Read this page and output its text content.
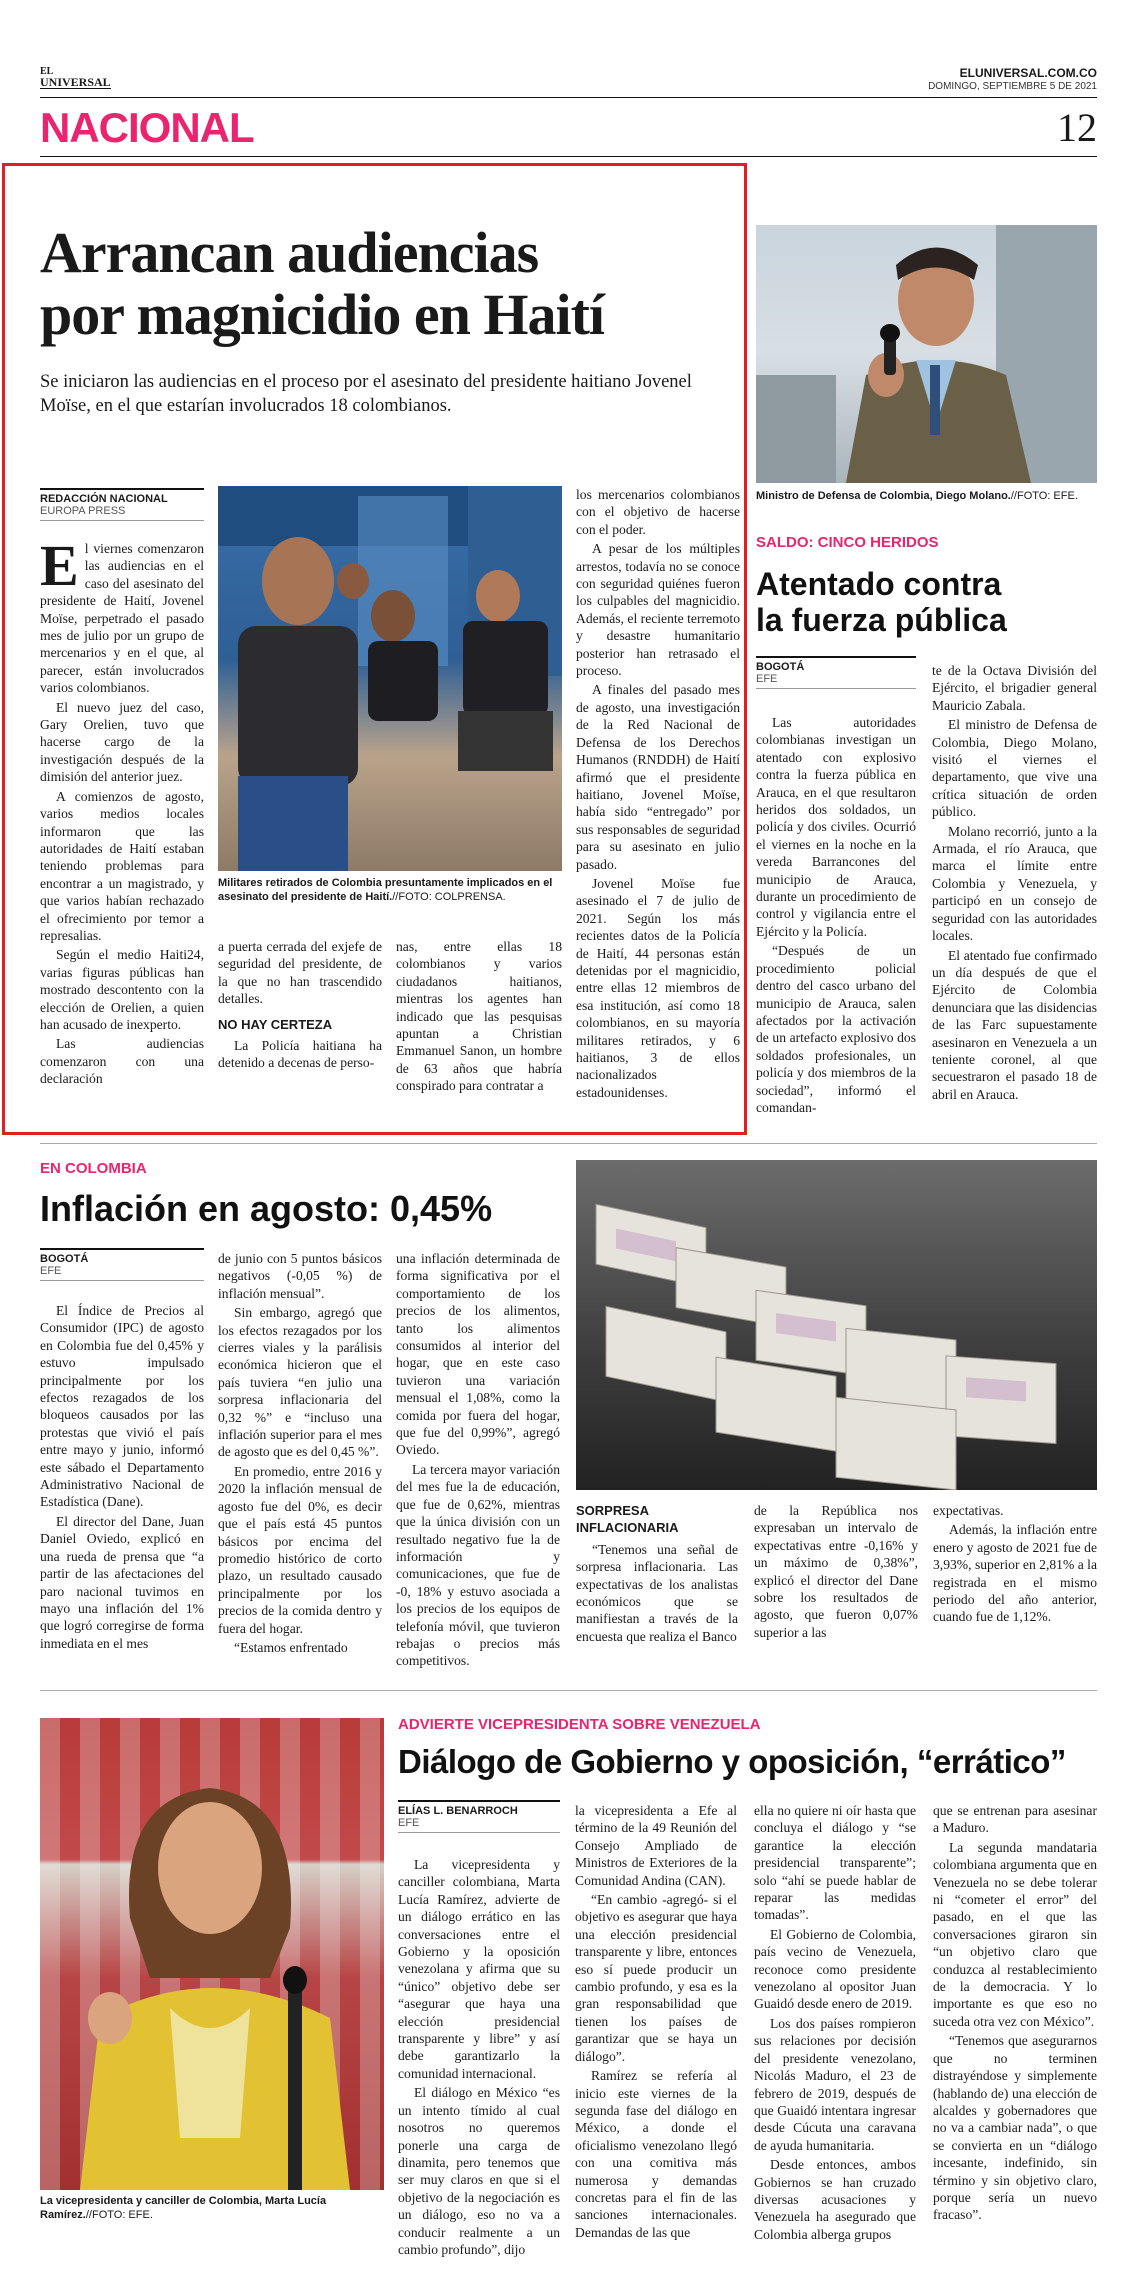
EL
UNIVERSAL
ELUNIVERSAL.COM.CO
DOMINGO, SEPTIEMBRE 5 DE 2021
NACIONAL	12
Arrancan audiencias
por magnicidio en Haití
Se iniciaron las audiencias en el proceso por el asesinato del presidente haitiano Jovenel Moïse, en el que estarían involucrados 18 colombianos.
REDACCIÓN NACIONAL
EUROPA PRESS

El viernes comenzaron las audiencias en el caso del asesinato del presidente de Haití, Jovenel Moïse, perpetrado el pasado mes de julio por un grupo de mercenarios y en el que, al parecer, están involucrados varios colombianos.

El nuevo juez del caso, Gary Orelien, tuvo que hacerse cargo de la investigación después de la dimisión del anterior juez.

A comienzos de agosto, varios medios locales informaron que las autoridades de Haití estaban teniendo problemas para encontrar a un magistrado, y que varios habían rechazado el ofrecimiento por temor a represalias.

Según el medio Haiti24, varias figuras públicas han mostrado descontento con la elección de Orelien, a quien han acusado de inexperto.

Las audiencias comenzaron con una declaración

Militares retirados de Colombia presuntamente implicados en el asesinato del presidente de Haití.//FOTO: COLPRENSA.

a puerta cerrada del exjefe de seguridad del presidente, de la que no han trascendido detalles.

NO HAY CERTEZA

La Policía haitiana ha detenido a decenas de perso-

nas, entre ellas 18 colombianos y varios ciudadanos haitianos, mientras los agentes han indicado que las pesquisas apuntan a Christian Emmanuel Sanon, un hombre de 63 años que habría conspirado para contratar a

los mercenarios colombianos con el objetivo de hacerse con el poder.

A pesar de los múltiples arrestos, todavía no se conoce con seguridad quiénes fueron los culpables del magnicidio. Además, el reciente terremoto y desastre humanitario posterior han retrasado el proceso.

A finales del pasado mes de agosto, una investigación de la Red Nacional de Defensa de los Derechos Humanos (RNDDH) de Haití afirmó que el presidente haitiano, Jovenel Moïse, había sido “entregado” por sus responsables de seguridad para su asesinato en julio pasado.

Jovenel Moïse fue asesinado el 7 de julio de 2021. Según los más recientes datos de la Policía de Haití, 44 personas están detenidas por el magnicidio, entre ellas 12 miembros de esa institución, así como 18 colombianos, en su mayoría militares retirados, y 6 haitianos, 3 de ellos nacionalizados estadounidenses.

Ministro de Defensa de Colombia, Diego Molano.//FOTO: EFE.
SALDO: CINCO HERIDOS
Atentado contra
la fuerza pública
BOGOTÁ
EFE

Las autoridades colombianas investigan un atentado con explosivo contra la fuerza pública en Arauca, en el que resultaron heridos dos soldados, un policía y dos civiles. Ocurrió el viernes en la noche en la vereda Barrancones del municipio de Arauca, durante un procedimiento de control y vigilancia entre el Ejército y la Policía.

“Después de un procedimiento policial dentro del casco urbano del municipio de Arauca, salen afectados por la activación de un artefacto explosivo dos soldados profesionales, un policía y dos miembros de la sociedad”, informó el comandan-

te de la Octava División del Ejército, el brigadier general Mauricio Zabala.

El ministro de Defensa de Colombia, Diego Molano, visitó el viernes el departamento, que vive una crítica situación de orden público.

Molano recorrió, junto a la Armada, el río Arauca, que marca el límite entre Colombia y Venezuela, y participó en un consejo de seguridad con las autoridades locales.

El atentado fue confirmado un día después de que el Ejército de Colombia denunciara que las disidencias de las Farc supuestamente asesinaron en Venezuela a un teniente coronel, al que secuestraron el pasado 18 de abril en Arauca.

EN COLOMBIA
Inflación en agosto: 0,45%
BOGOTÁ
EFE

El Índice de Precios al Consumidor (IPC) de agosto en Colombia fue del 0,45% y estuvo impulsado principalmente por los efectos rezagados de los bloqueos causados por las protestas que vivió el país entre mayo y junio, informó este sábado el Departamento Administrativo Nacional de Estadística (Dane).

El director del Dane, Juan Daniel Oviedo, explicó en una rueda de prensa que “a partir de las afectaciones del paro nacional tuvimos en mayo una inflación del 1% que logró corregirse de forma inmediata en el mes

de junio con 5 puntos básicos negativos (-0,05 %) de inflación mensual”.

Sin embargo, agregó que los efectos rezagados por los cierres viales y la parálisis económica hicieron que el país tuviera “en julio una sorpresa inflacionaria del 0,32 %” e “incluso una inflación superior para el mes de agosto que es del 0,45 %”.

En promedio, entre 2016 y 2020 la inflación mensual de agosto fue del 0%, es decir que el país está 45 puntos básicos por encima del promedio histórico de corto plazo, un resultado causado principalmente por los precios de la comida dentro y fuera del hogar.

“Estamos enfrentado

una inflación determinada de forma significativa por el comportamiento de los precios de los alimentos, tanto los alimentos consumidos al interior del hogar, que en este caso tuvieron una variación mensual el 1,08%, como la comida por fuera del hogar, que fue del 0,99%”, agregó Oviedo.

La tercera mayor variación del mes fue la de educación, que fue de 0,62%, mientras que la única división con un resultado negativo fue la de información y comunicaciones, que fue de -0, 18% y estuvo asociada a los precios de los equipos de telefonía móvil, que tuvieron rebajas o precios más competitivos.

SORPRESA INFLACIONARIA

“Tenemos una señal de sorpresa inflacionaria. Las expectativas de los analistas económicos que se manifiestan a través de la encuesta que realiza el Banco

de la República nos expresaban un intervalo de expectativas entre -0,16% y un máximo de 0,38%”, explicó el director del Dane sobre los resultados de agosto, que fueron 0,07% superior a las

expectativas.

Además, la inflación entre enero y agosto de 2021 fue de 3,93%, superior en 2,81% a la registrada en el mismo periodo del año anterior, cuando fue de 1,12%.

La vicepresidenta y canciller de Colombia, Marta Lucía Ramírez.//FOTO: EFE.
ADVIERTE VICEPRESIDENTA SOBRE VENEZUELA
Diálogo de Gobierno y oposición, “errático”
ELÍAS L. BENARROCH
EFE

La vicepresidenta y canciller colombiana, Marta Lucía Ramírez, advierte de un diálogo errático en las conversaciones entre el Gobierno y la oposición venezolana y afirma que su “único” objetivo debe ser “asegurar que haya una elección presidencial transparente y libre” y así debe garantizarlo la comunidad internacional.

El diálogo en México “es un intento tímido al cual nosotros no queremos ponerle una carga de dinamita, pero tenemos que ser muy claros en que si el objetivo de la negociación es un diálogo, eso no va a conducir realmente a un cambio profundo”, dijo

la vicepresidenta a Efe al término de la 49 Reunión del Consejo Ampliado de Ministros de Exteriores de la Comunidad Andina (CAN).

“En cambio -agregó- si el objetivo es asegurar que haya una elección presidencial transparente y libre, entonces eso sí puede producir un cambio profundo, y esa es la gran responsabilidad que tienen los países de garantizar que se haya un diálogo”.

Ramírez se refería al inicio este viernes de la segunda fase del diálogo en México, a donde el oficialismo venezolano llegó con una comitiva más numerosa y demandas concretas para el fin de las sanciones internacionales. Demandas de las que

ella no quiere ni oír hasta que concluya el diálogo y “se garantice la elección presidencial transparente”; solo “ahí se puede hablar de reparar las medidas tomadas”.

El Gobierno de Colombia, país vecino de Venezuela, reconoce como presidente venezolano al opositor Juan Guaidó desde enero de 2019.

Los dos países rompieron sus relaciones por decisión del presidente venezolano, Nicolás Maduro, el 23 de febrero de 2019, después de que Guaidó intentara ingresar desde Cúcuta una caravana de ayuda humanitaria.

Desde entonces, ambos Gobiernos se han cruzado diversas acusaciones y Venezuela ha asegurado que Colombia alberga grupos

que se entrenan para asesinar a Maduro.

La segunda mandataria colombiana argumenta que en Venezuela no se debe tolerar ni “cometer el error” del pasado, en el que las conversaciones giraron sin “un objetivo claro que conduzca al restablecimiento de la democracia. Y lo importante es que eso no suceda otra vez con México”.

“Tenemos que asegurarnos que no terminen distrayéndose y simplemente (hablando de) una elección de alcaldes y gobernadores que no va a cambiar nada”, o que se convierta en un “diálogo incesante, indefinido, sin término y sin objetivo claro, porque sería un nuevo fracaso”.
